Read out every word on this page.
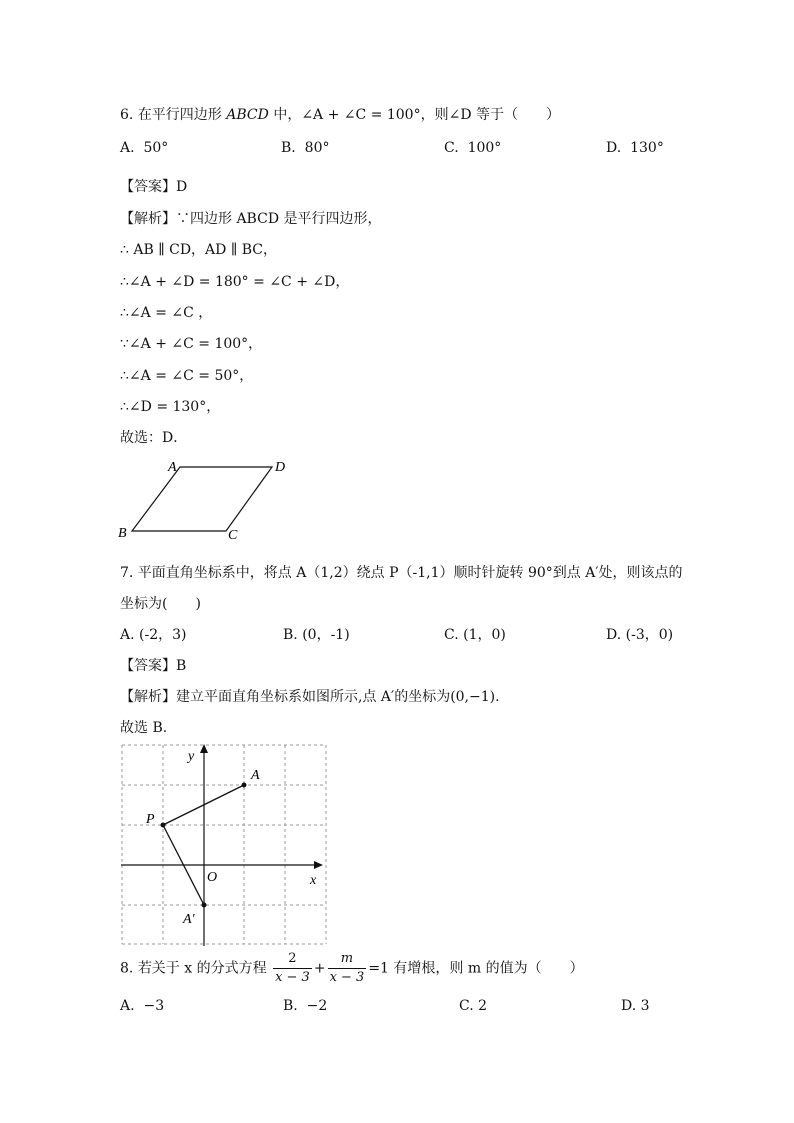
6. 在平行四边形 ABCD 中，∠A + ∠C = 100°，则∠D 等于（　　）
A. 50°	B. 80°	C. 100°	D. 130°
【答案】D
【解析】∵四边形 ABCD 是平行四边形，
∴ AB ∥ CD，AD ∥ BC，
∴∠A + ∠D = 180° = ∠C + ∠D，
∴∠A = ∠C ，
∵∠A + ∠C = 100°，
∴∠A = ∠C = 50°，
∴∠D = 130°，
故选：D．
A	D
B	C
7. 平面直角坐标系中，将点 A（1,2）绕点 P（-1,1）顺时针旋转 90°到点 A′处，则该点的
坐标为(　　)
A. (-2，3)	B. (0，-1)	C. (1，0)	D. (-3，0)
【答案】B
【解析】建立平面直角坐标系如图所示,点 A′的坐标为(0,−1).
故选 B.
y
x
O
A
P
A′
8. 若关于 x 的分式方程 $\frac{2}{x - 3} + \frac{m}{x - 3} =1$ 有增根，则 m 的值为（　　）
A. −3	B. −2	C. 2	D. 3
